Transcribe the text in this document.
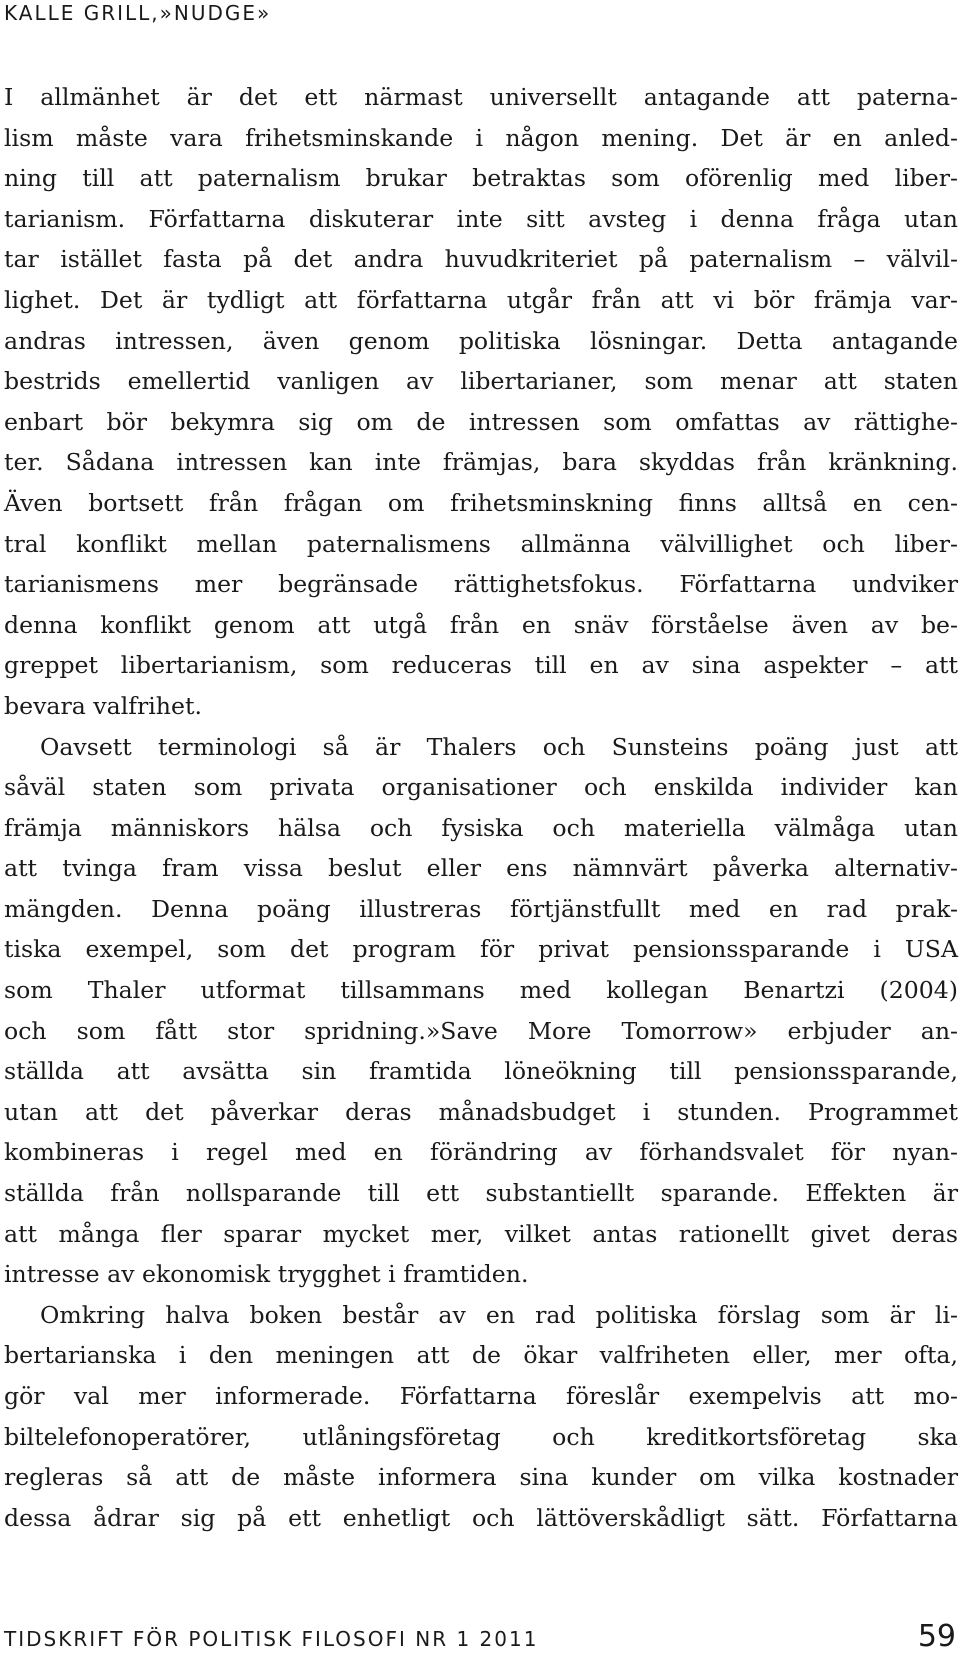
KALLE GRILL,»NUDGE»
I allmänhet är det ett närmast universellt antagande att paterna-
lism måste vara frihetsminskande i någon mening. Det är en anled-
ning till att paternalism brukar betraktas som oförenlig med liber-
tarianism. Författarna diskuterar inte sitt avsteg i denna fråga utan
tar istället fasta på det andra huvudkriteriet på paternalism – välvil-
lighet. Det är tydligt att författarna utgår från att vi bör främja var-
andras intressen, även genom politiska lösningar. Detta antagande
bestrids emellertid vanligen av libertarianer, som menar att staten
enbart bör bekymra sig om de intressen som omfattas av rättighe-
ter. Sådana intressen kan inte främjas, bara skyddas från kränkning.
Även bortsett från frågan om frihetsminskning finns alltså en cen-
tral konflikt mellan paternalismens allmänna välvillighet och liber-
tarianismens mer begränsade rättighetsfokus. Författarna undviker
denna konflikt genom att utgå från en snäv förståelse även av be-
greppet libertarianism, som reduceras till en av sina aspekter – att
bevara valfrihet.
Oavsett terminologi så är Thalers och Sunsteins poäng just att
såväl staten som privata organisationer och enskilda individer kan
främja människors hälsa och fysiska och materiella välmåga utan
att tvinga fram vissa beslut eller ens nämnvärt påverka alternativ-
mängden. Denna poäng illustreras förtjänstfullt med en rad prak-
tiska exempel, som det program för privat pensionssparande i USA
som Thaler utformat tillsammans med kollegan Benartzi (2004)
och som fått stor spridning.»Save More Tomorrow» erbjuder an-
ställda att avsätta sin framtida löneökning till pensionssparande,
utan att det påverkar deras månadsbudget i stunden. Programmet
kombineras i regel med en förändring av förhandsvalet för nyan-
ställda från nollsparande till ett substantiellt sparande. Effekten är
att många fler sparar mycket mer, vilket antas rationellt givet deras
intresse av ekonomisk trygghet i framtiden.
Omkring halva boken består av en rad politiska förslag som är li-
bertarianska i den meningen att de ökar valfriheten eller, mer ofta,
gör val mer informerade. Författarna föreslår exempelvis att mo-
biltelefonoperatörer, utlåningsföretag och kreditkortsföretag ska
regleras så att de måste informera sina kunder om vilka kostnader
dessa ådrar sig på ett enhetligt och lättöverskådligt sätt. Författarna
TIDSKRIFT FÖR POLITISK FILOSOFI NR 1 2011	59
